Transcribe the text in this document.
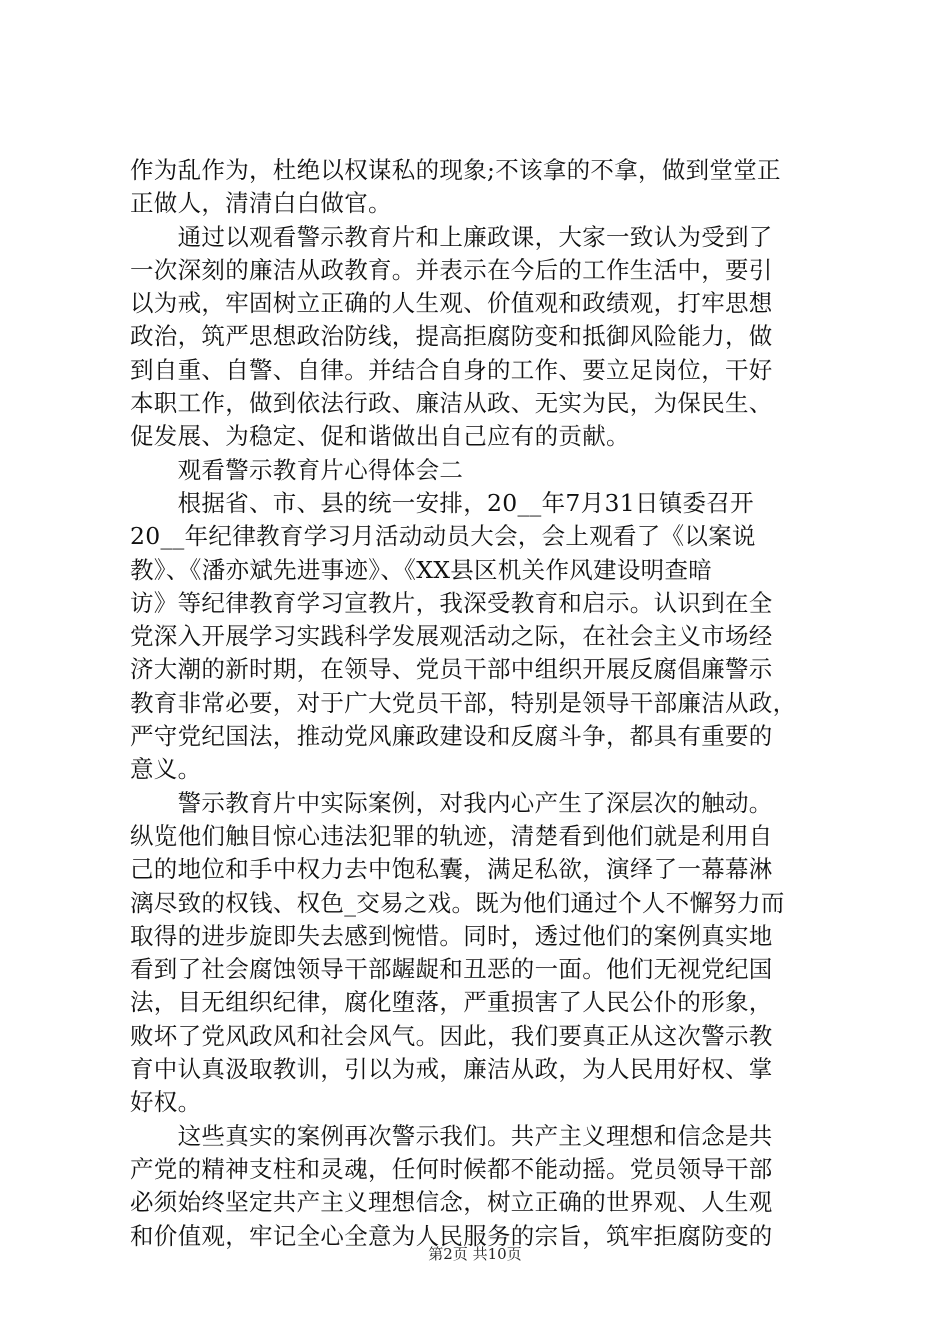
作为乱作为，杜绝以权谋私的现象;不该拿的不拿，做到堂堂正
正做人，清清白白做官。
　　通过以观看警示教育片和上廉政课，大家一致认为受到了
一次深刻的廉洁从政教育。并表示在今后的工作生活中，要引
以为戒，牢固树立正确的人生观、价值观和政绩观，打牢思想
政治，筑严思想政治防线，提高拒腐防变和抵御风险能力，做
到自重、自警、自律。并结合自身的工作、要立足岗位，干好
本职工作，做到依法行政、廉洁从政、无实为民，为保民生、
促发展、为稳定、促和谐做出自己应有的贡献。
　　观看警示教育片心得体会二
　　根据省、市、县的统一安排，20__年7月31日镇委召开
20__年纪律教育学习月活动动员大会，会上观看了《以案说
教》、《潘亦斌先进事迹》、《XX县区机关作风建设明查暗
访》等纪律教育学习宣教片，我深受教育和启示。认识到在全
党深入开展学习实践科学发展观活动之际，在社会主义市场经
济大潮的新时期，在领导、党员干部中组织开展反腐倡廉警示
教育非常必要，对于广大党员干部，特别是领导干部廉洁从政，
严守党纪国法，推动党风廉政建设和反腐斗争，都具有重要的
意义。
　　警示教育片中实际案例，对我内心产生了深层次的触动。
纵览他们触目惊心违法犯罪的轨迹，清楚看到他们就是利用自
己的地位和手中权力去中饱私囊，满足私欲，演绎了一幕幕淋
漓尽致的权钱、权色_交易之戏。既为他们通过个人不懈努力而
取得的进步旋即失去感到惋惜。同时，透过他们的案例真实地
看到了社会腐蚀领导干部龌龊和丑恶的一面。他们无视党纪国
法，目无组织纪律，腐化堕落，严重损害了人民公仆的形象，
败坏了党风政风和社会风气。因此，我们要真正从这次警示教
育中认真汲取教训，引以为戒，廉洁从政，为人民用好权、掌
好权。
　　这些真实的案例再次警示我们。共产主义理想和信念是共
产党的精神支柱和灵魂，任何时候都不能动摇。党员领导干部
必须始终坚定共产主义理想信念，树立正确的世界观、人生观
和价值观，牢记全心全意为人民服务的宗旨，筑牢拒腐防变的
第2页 共10页
